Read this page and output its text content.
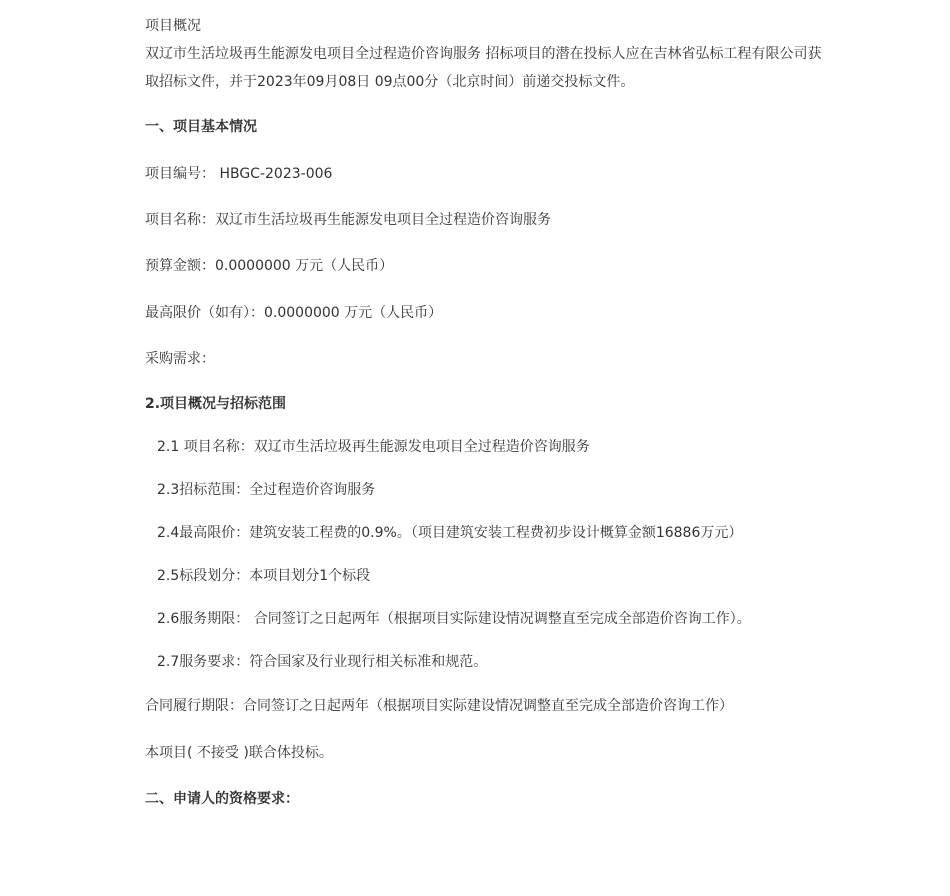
项目概况
双辽市生活垃圾再生能源发电项目全过程造价咨询服务 招标项目的潜在投标人应在吉林省弘标工程有限公司获取招标文件，并于2023年09月08日 09点00分（北京时间）前递交投标文件。
一、项目基本情况
项目编号： HBGC-2023-006
项目名称：双辽市生活垃圾再生能源发电项目全过程造价咨询服务
预算金额：0.0000000 万元（人民币）
最高限价（如有）：0.0000000 万元（人民币）
采购需求：
2.项目概况与招标范围
2.1 项目名称：双辽市生活垃圾再生能源发电项目全过程造价咨询服务
2.3招标范围：全过程造价咨询服务
2.4最高限价：建筑安装工程费的0.9%。（项目建筑安装工程费初步设计概算金额16886万元）
2.5标段划分：本项目划分1个标段
2.6服务期限： 合同签订之日起两年（根据项目实际建设情况调整直至完成全部造价咨询工作）。
2.7服务要求：符合国家及行业现行相关标准和规范。
合同履行期限：合同签订之日起两年（根据项目实际建设情况调整直至完成全部造价咨询工作）
本项目( 不接受 )联合体投标。
二、申请人的资格要求：
